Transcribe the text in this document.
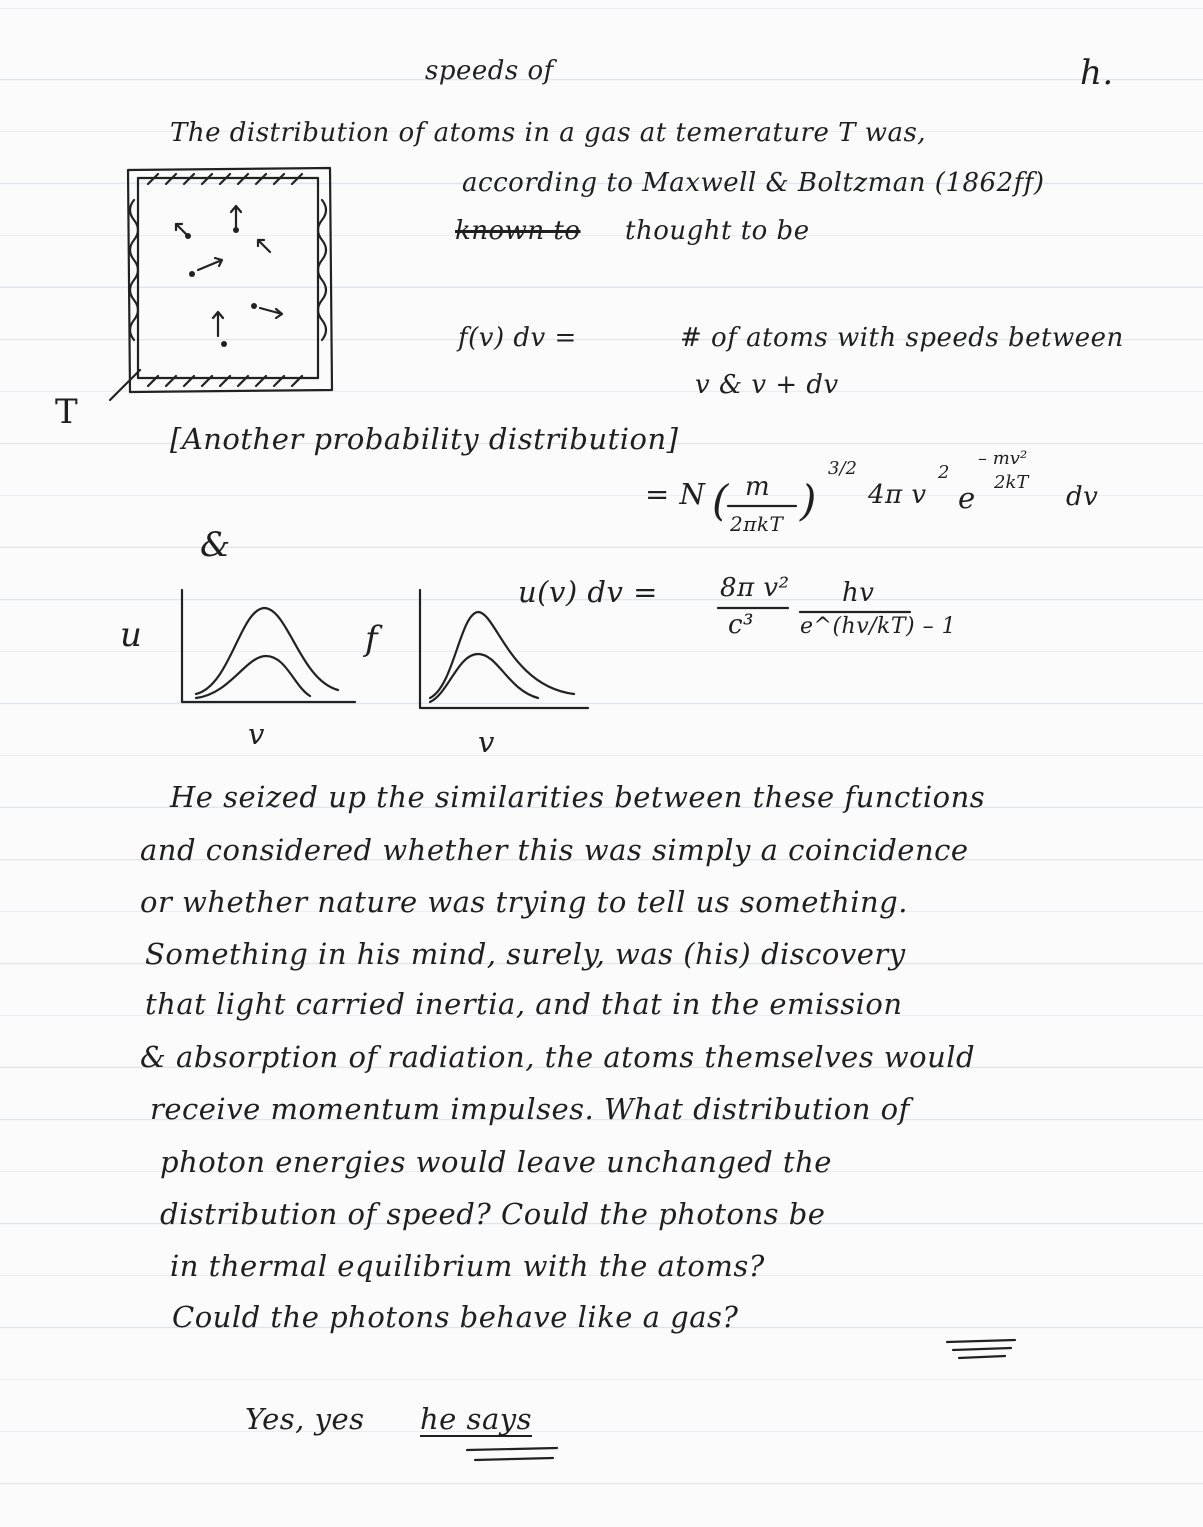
speeds of	h.
The distribution of atoms in a gas at temerature T was,
according to Maxwell & Boltzman (1862ff)
known to thought to be
f(v) dv =	# of atoms with speeds between
v & v + dv
T
[Another probability distribution]
= N ( m
2πkT )
3/2
4π v
2
e
– mv²
2kT dv
&
u(v) dv = 8π v²
c³
hv
e^(hv/kT) – 1
u
v
f
v
He seized up the similarities between these functions
and considered whether this was simply a coincidence
or whether nature was trying to tell us something.
Something in his mind, surely, was (his) discovery
that light carried inertia, and that in the emission
& absorption of radiation, the atoms themselves would
receive momentum impulses. What distribution of
photon energies would leave unchanged the
distribution of speed? Could the photons be
in thermal equilibrium with the atoms?
Could the photons behave like a gas?
Yes, yes he says
